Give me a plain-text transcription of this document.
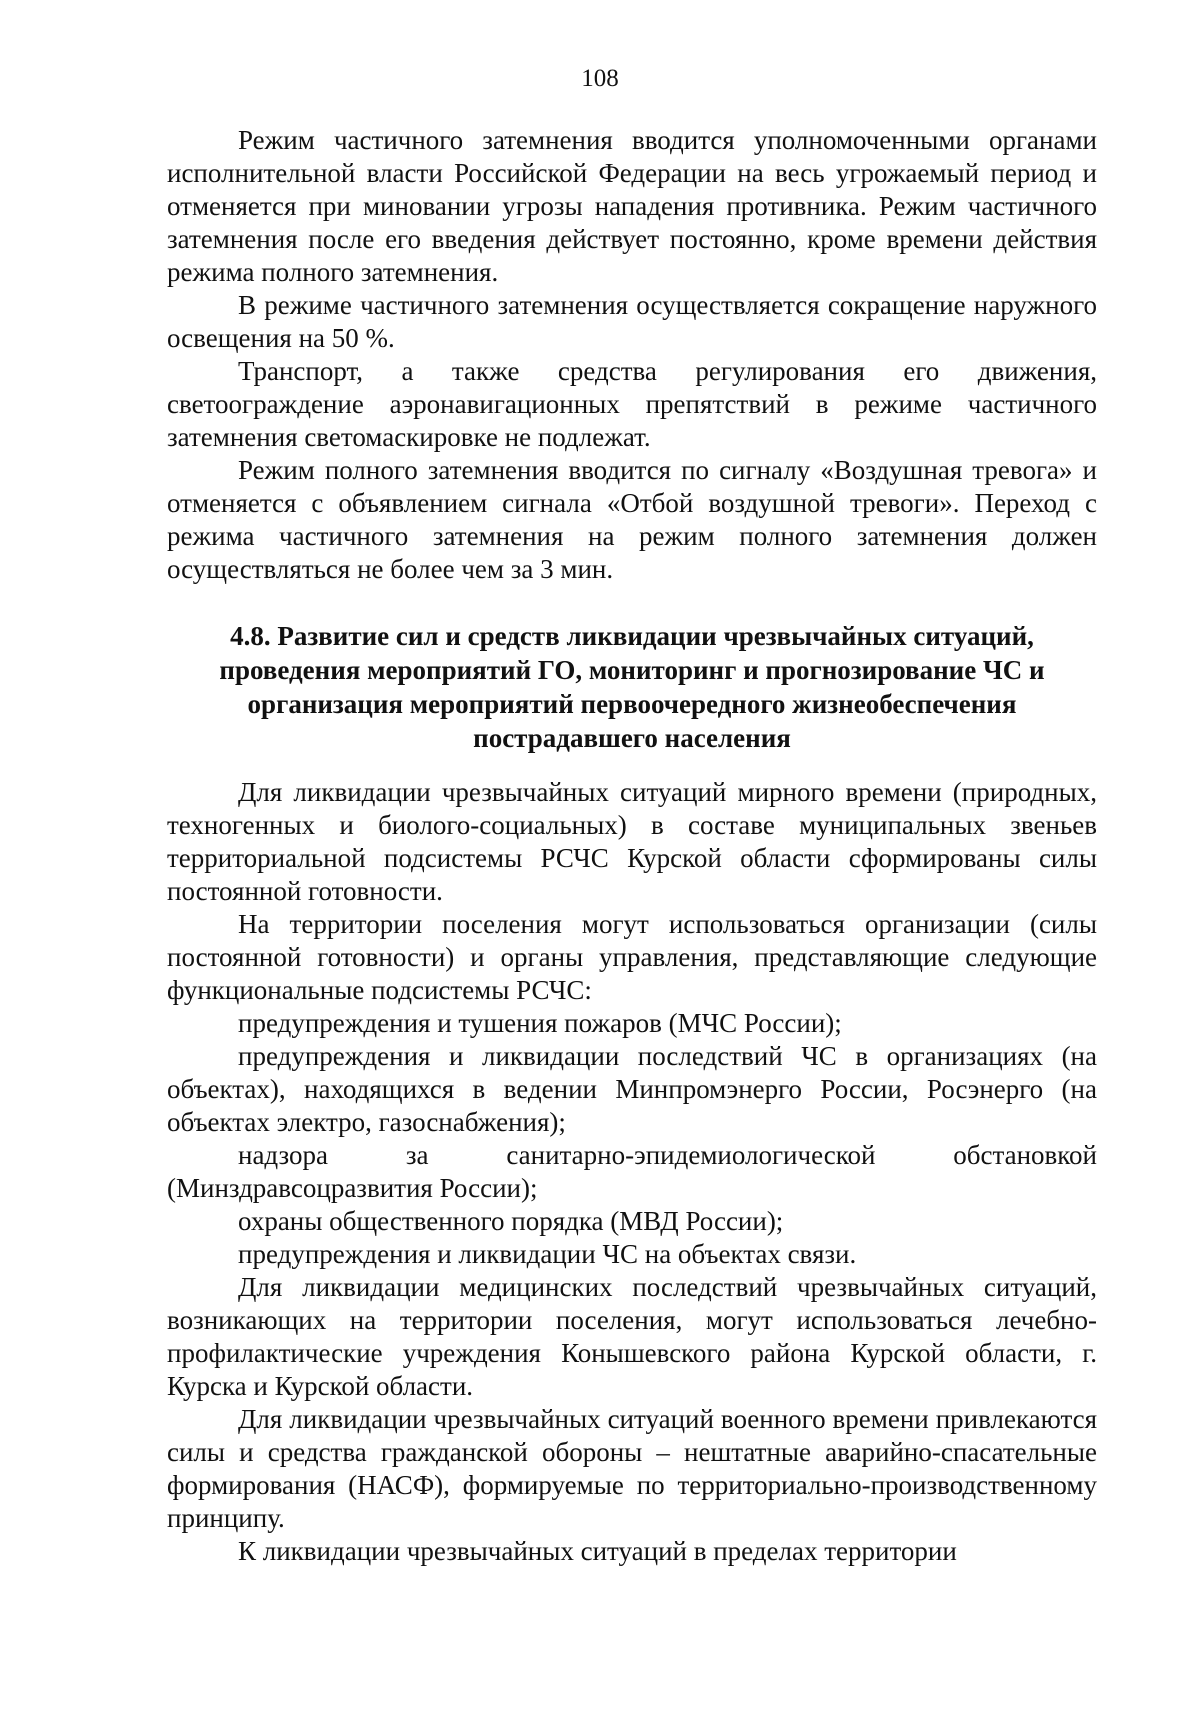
108

Режим частичного затемнения вводится уполномоченными органами исполнительной власти Российской Федерации на весь угрожаемый период и отменяется при миновании угрозы нападения противника. Режим частичного затемнения после его введения действует постоянно, кроме времени действия режима полного затемнения.

В режиме частичного затемнения осуществляется сокращение наружного освещения на 50 %.

Транспорт, а также средства регулирования его движения, светоограждение аэронавигационных препятствий в режиме частичного затемнения светомаскировке не подлежат.

Режим полного затемнения вводится по сигналу «Воздушная тревога» и отменяется с объявлением сигнала «Отбой воздушной тревоги». Переход с режима частичного затемнения на режим полного затемнения должен осуществляться не более чем за 3 мин.

4.8. Развитие сил и средств ликвидации чрезвычайных ситуаций,
проведения мероприятий ГО, мониторинг и прогнозирование ЧС и
организация мероприятий первоочередного жизнеобеспечения
пострадавшего населения

Для ликвидации чрезвычайных ситуаций мирного времени (природных, техногенных и биолого-социальных) в составе муниципальных звеньев территориальной подсистемы РСЧС Курской области сформированы силы постоянной готовности.

На территории поселения могут использоваться организации (силы постоянной готовности) и органы управления, представляющие следующие функциональные подсистемы РСЧС:

предупреждения и тушения пожаров (МЧС России);

предупреждения и ликвидации последствий ЧС в организациях (на объектах), находящихся в ведении Минпромэнерго России, Росэнерго (на объектах электро, газоснабжения);

надзора за санитарно-эпидемиологической обстановкой (Минздравсоцразвития России);

охраны общественного порядка (МВД России);

предупреждения и ликвидации ЧС на объектах связи.

Для ликвидации медицинских последствий чрезвычайных ситуаций, возникающих на территории поселения, могут использоваться лечебно-профилактические учреждения Конышевского района Курской области, г. Курска и Курской области.

Для ликвидации чрезвычайных ситуаций военного времени привлекаются силы и средства гражданской обороны – нештатные аварийно-спасательные формирования (НАСФ), формируемые по территориально-производственному принципу.

К ликвидации чрезвычайных ситуаций в пределах территории
